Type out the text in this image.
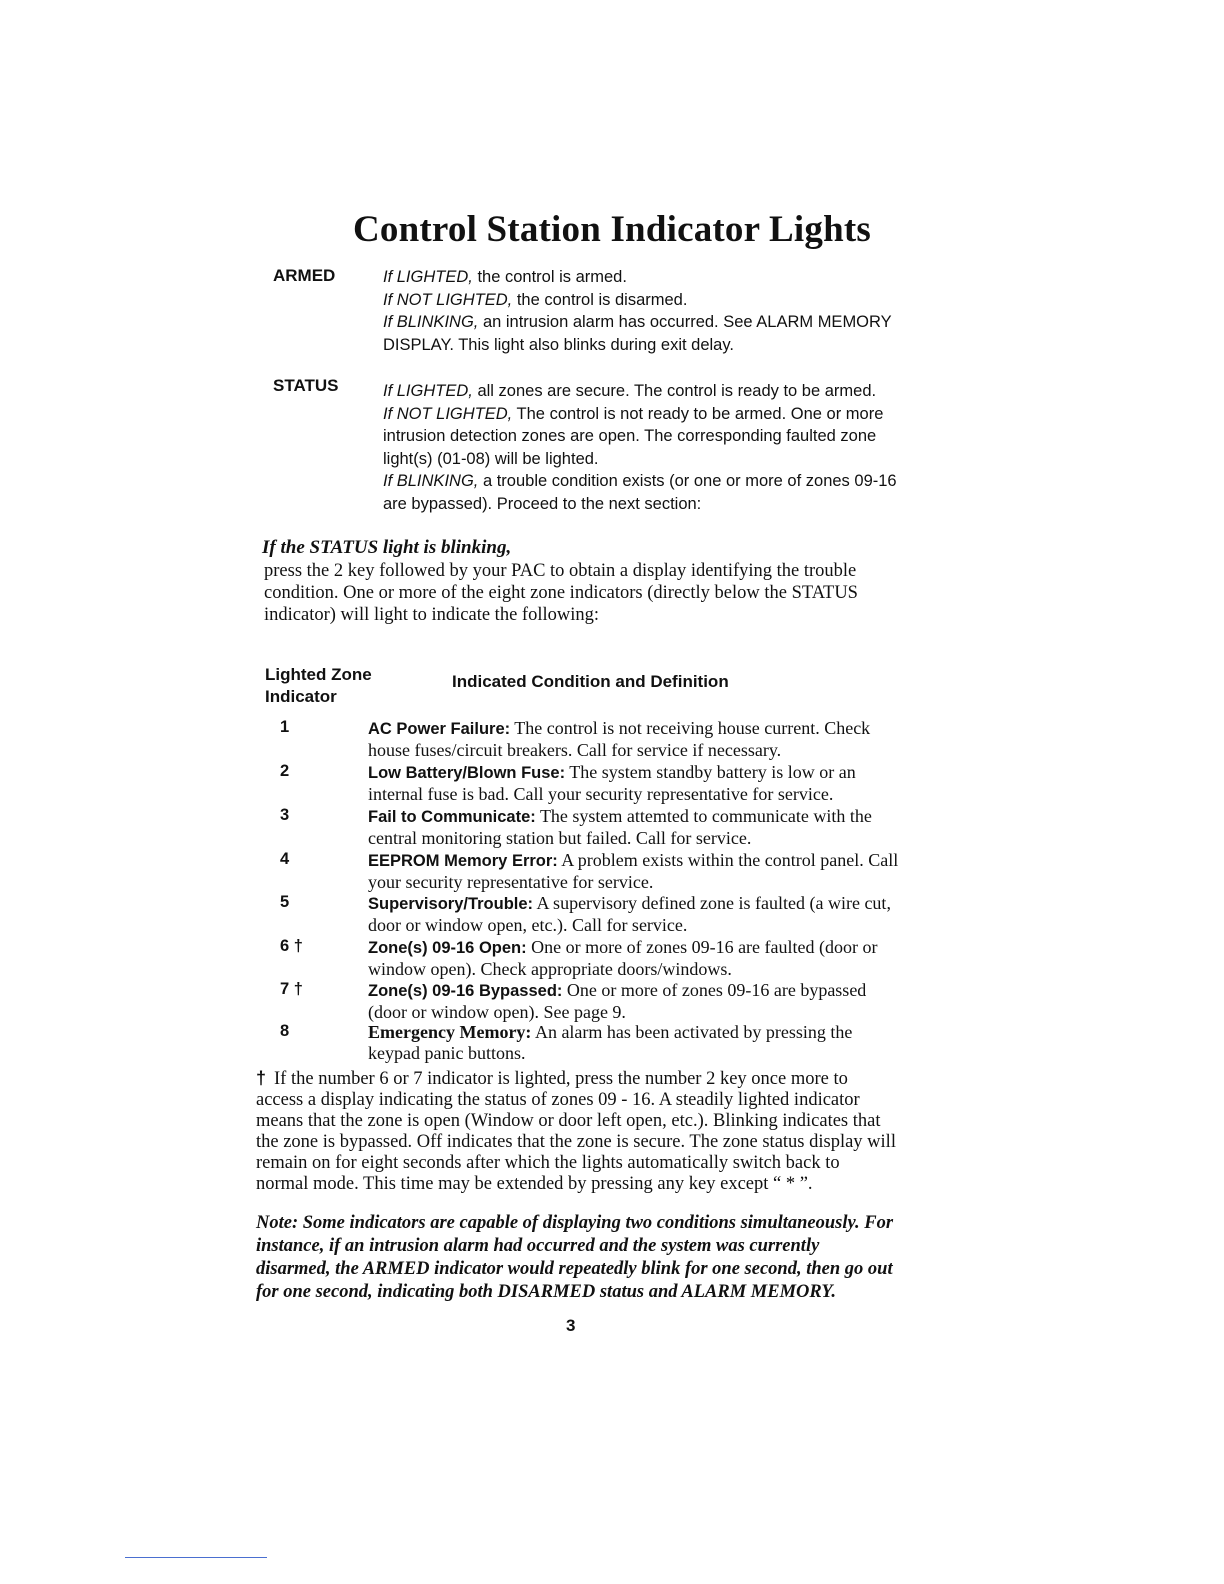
Control Station Indicator Lights
ARMED	If LIGHTED, the control is armed.

If NOT LIGHTED, the control is disarmed.

If BLINKING, an intrusion alarm has occurred. See ALARM MEMORY DISPLAY. This light also blinks during exit delay.

STATUS	If LIGHTED, all zones are secure. The control is ready to be armed.

If NOT LIGHTED, The control is not ready to be armed. One or more intrusion detection zones are open. The corresponding faulted zone light(s) (01-08) will be lighted.

If BLINKING, a trouble condition exists (or one or more of zones 09-16 are bypassed). Proceed to the next section:

If the STATUS light is blinking,
press the 2 key followed by your PAC to obtain a display identifying the trouble condition. One or more of the eight zone indicators (directly below the STATUS indicator) will light to indicate the following:
Lighted Zone
Indicator
Indicated Condition and Definition
1	AC Power Failure: The control is not receiving house current. Check house fuses/circuit breakers. Call for service if necessary.
2	Low Battery/Blown Fuse: The system standby battery is low or an internal fuse is bad. Call your security representative for service.
3	Fail to Communicate: The system attemted to communicate with the central monitoring station but failed. Call for service.
4	EEPROM Memory Error: A problem exists within the control panel. Call your security representative for service.
5	Supervisory/Trouble: A supervisory defined zone is faulted (a wire cut, door or window open, etc.). Call for service.
6 †	Zone(s) 09-16 Open: One or more of zones 09-16 are faulted (door or window open). Check appropriate doors/windows.
7 †	Zone(s) 09-16 Bypassed: One or more of zones 09-16 are bypassed (door or window open). See page 9.
8	Emergency Memory: An alarm has been activated by pressing the keypad panic buttons.
† If the number 6 or 7 indicator is lighted, press the number 2 key once more to access a display indicating the status of zones 09 - 16. A steadily lighted indicator means that the zone is open (Window or door left open, etc.). Blinking indicates that the zone is bypassed. Off indicates that the zone is secure. The zone status display will remain on for eight seconds after which the lights automatically switch back to normal mode. This time may be extended by pressing any key except “ * ”.
Note: Some indicators are capable of displaying two conditions simultaneously. For instance, if an intrusion alarm had occurred and the system was currently disarmed, the ARMED indicator would repeatedly blink for one second, then go out for one second, indicating both DISARMED status and ALARM MEMORY.
3
